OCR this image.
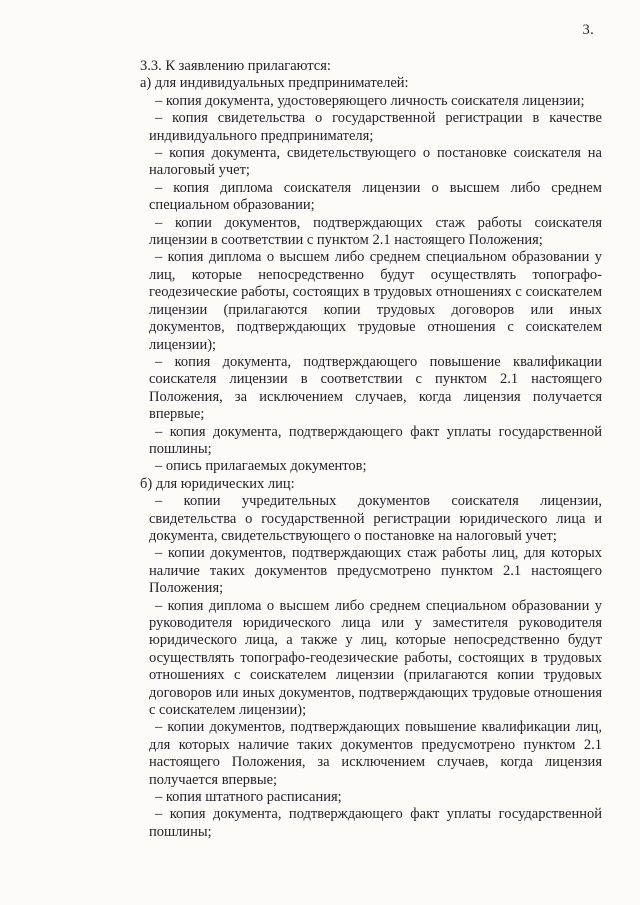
3.

3.3. К заявлению прилагаются:

а) для индивидуальных предпринимателей:

– копия документа, удостоверяющего личность соискателя лицензии;

– копия свидетельства о государственной регистрации в качестве индивидуального предпринимателя;

– копия документа, свидетельствующего о постановке соискателя на налоговый учет;

– копия диплома соискателя лицензии о высшем либо среднем специальном образовании;

– копии документов, подтверждающих стаж работы соискателя лицензии в соответствии с пунктом 2.1 настоящего Положения;

– копия диплома о высшем либо среднем специальном образовании у лиц, которые непосредственно будут осуществлять топографо-геодезические работы, состоящих в трудовых отношениях с соискателем лицензии (прилагаются копии трудовых договоров или иных документов, подтверждающих трудовые отношения с соискателем лицензии);

– копия документа, подтверждающего повышение квалификации соискателя лицензии в соответствии с пунктом 2.1 настоящего Положения, за исключением случаев, когда лицензия получается впервые;

– копия документа, подтверждающего факт уплаты государственной пошлины;

– опись прилагаемых документов;

б) для юридических лиц:

– копии учредительных документов соискателя лицензии, свидетельства о государственной регистрации юридического лица и документа, свидетельствующего о постановке на налоговый учет;

– копии документов, подтверждающих стаж работы лиц, для которых наличие таких документов предусмотрено пунктом 2.1 настоящего Положения;

– копия диплома о высшем либо среднем специальном образовании у руководителя юридического лица или у заместителя руководителя юридического лица, а также у лиц, которые непосредственно будут осуществлять топографо-геодезические работы, состоящих в трудовых отношениях с соискателем лицензии (прилагаются копии трудовых договоров или иных документов, подтверждающих трудовые отношения с соискателем лицензии);

– копии документов, подтверждающих повышение квалификации лиц, для которых наличие таких документов предусмотрено пунктом 2.1 настоящего Положения, за исключением случаев, когда лицензия получается впервые;

– копия штатного расписания;

– копия документа, подтверждающего факт уплаты государственной пошлины;
